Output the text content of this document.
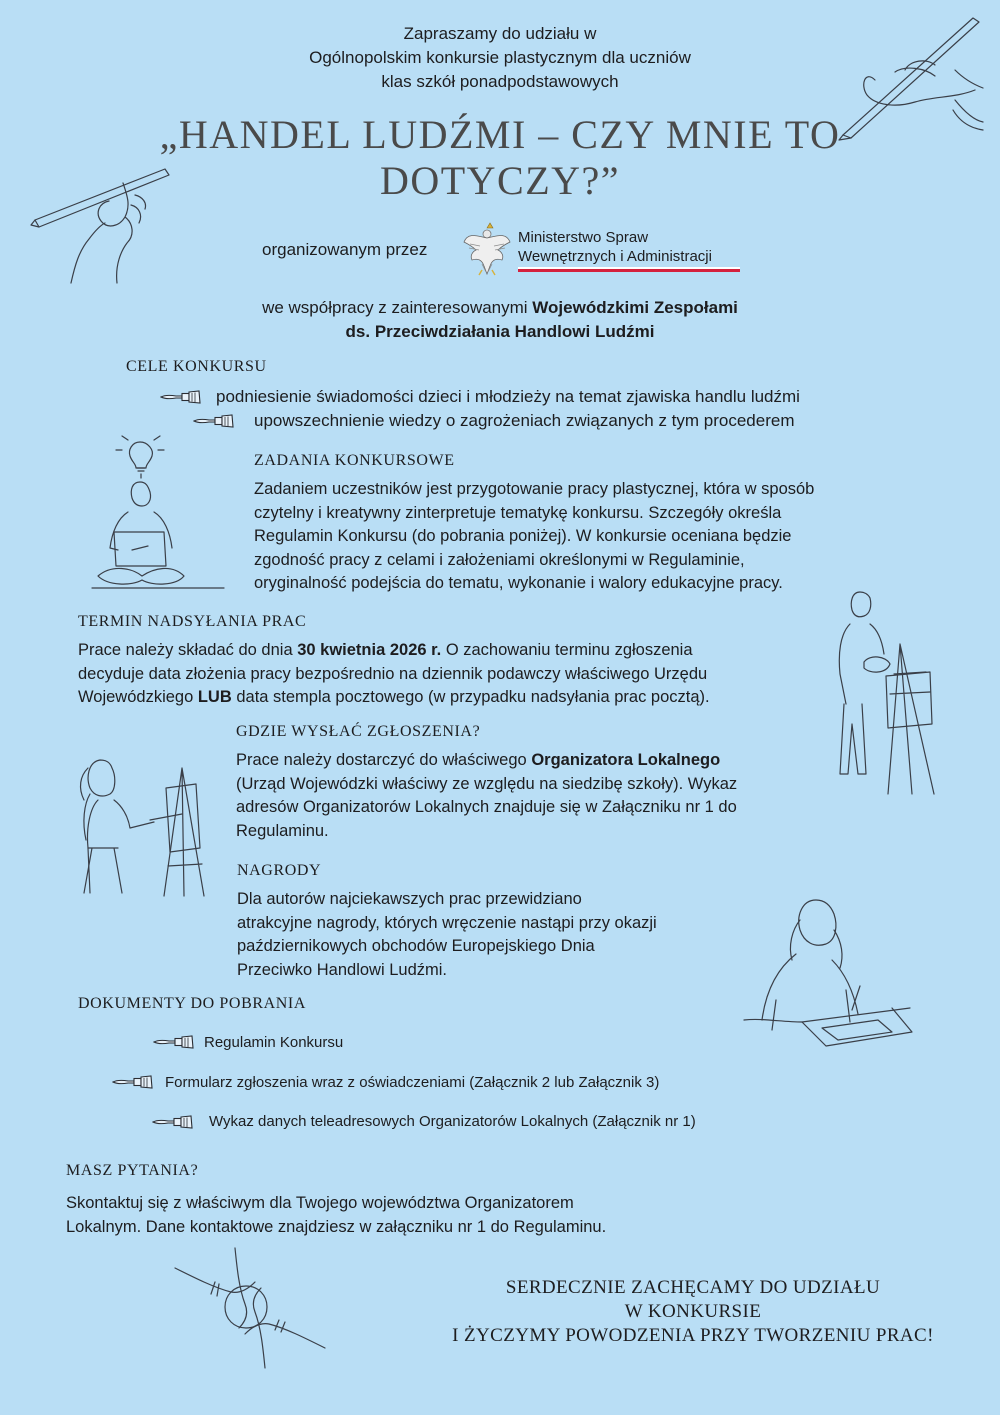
Zapraszamy do udziału w
Ogólnopolskim konkursie plastycznym dla uczniów
klas szkół ponadpodstawowych
„HANDEL LUDŹMI – CZY MNIE TO
DOTYCZY?”
organizowanym przez
Ministerstwo Spraw
Wewnętrznych i Administracji
we współpracy z zainteresowanymi Wojewódzkimi Zespołami
ds. Przeciwdziałania Handlowi Ludźmi
CELE KONKURSU
podniesienie świadomości dzieci i młodzieży na temat zjawiska handlu ludźmi
upowszechnienie wiedzy o zagrożeniach związanych z tym procederem
ZADANIA KONKURSOWE
Zadaniem uczestników jest przygotowanie pracy plastycznej, która w sposób
czytelny i kreatywny zinterpretuje tematykę konkursu. Szczegóły określa
Regulamin Konkursu (do pobrania poniżej). W konkursie oceniana będzie
zgodność pracy z celami i założeniami określonymi w Regulaminie,
oryginalność podejścia do tematu, wykonanie i walory edukacyjne pracy.
TERMIN NADSYŁANIA PRAC
Prace należy składać do dnia 30 kwietnia 2026 r. O zachowaniu terminu zgłoszenia
decyduje data złożenia pracy bezpośrednio na dziennik podawczy właściwego Urzędu
Wojewódzkiego LUB data stempla pocztowego (w przypadku nadsyłania prac pocztą).
GDZIE WYSŁAĆ ZGŁOSZENIA?
Prace należy dostarczyć do właściwego Organizatora Lokalnego
(Urząd Wojewódzki właściwy ze względu na siedzibę szkoły). Wykaz
adresów Organizatorów Lokalnych znajduje się w Załączniku nr 1 do
Regulaminu.
NAGRODY
Dla autorów najciekawszych prac przewidziano
atrakcyjne nagrody, których wręczenie nastąpi przy okazji
październikowych obchodów Europejskiego Dnia
Przeciwko Handlowi Ludźmi.
DOKUMENTY DO POBRANIA
Regulamin Konkursu
Formularz zgłoszenia wraz z oświadczeniami (Załącznik 2 lub Załącznik 3)
Wykaz danych teleadresowych Organizatorów Lokalnych (Załącznik nr 1)
MASZ PYTANIA?
Skontaktuj się z właściwym dla Twojego województwa Organizatorem
Lokalnym. Dane kontaktowe znajdziesz w załączniku nr 1 do Regulaminu.
SERDECZNIE ZACHĘCAMY DO UDZIAŁU
W KONKURSIE
I ŻYCZYMY POWODZENIA PRZY TWORZENIU PRAC!
